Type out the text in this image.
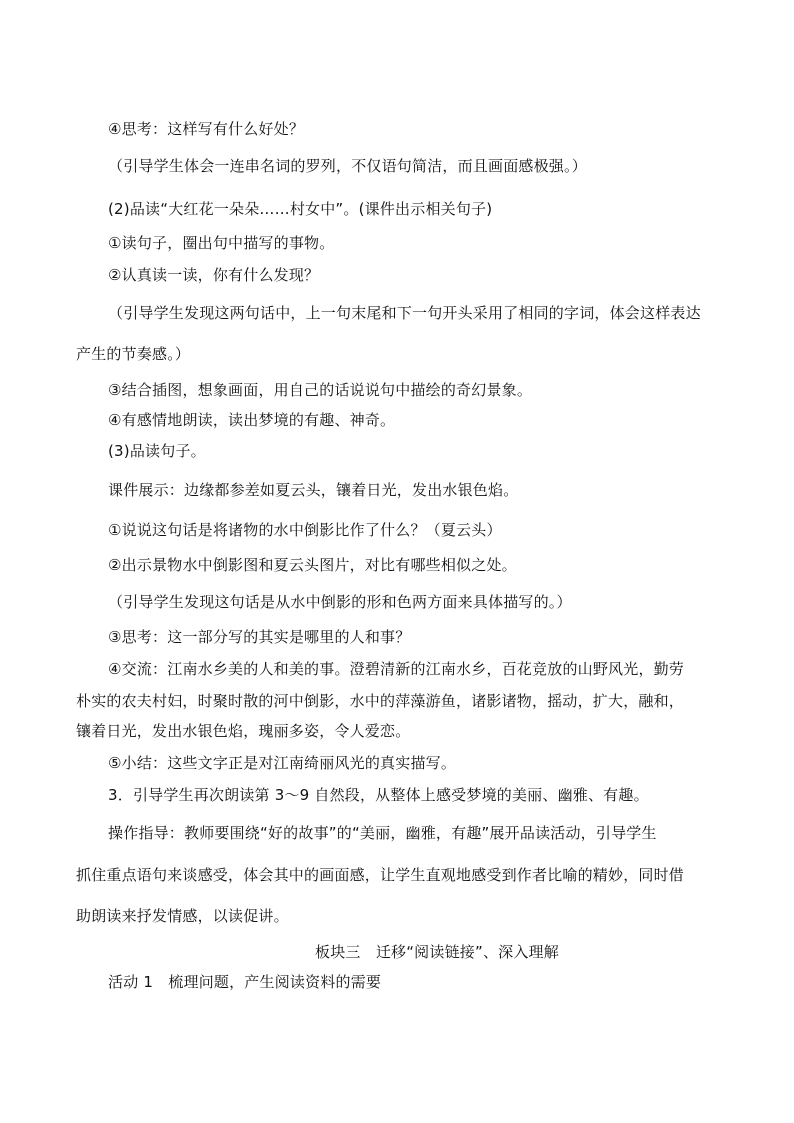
④思考：这样写有什么好处？
（引导学生体会一连串名词的罗列，不仅语句简洁，而且画面感极强。）
(2)品读“大红花一朵朵……村女中”。(课件出示相关句子)
①读句子，圈出句中描写的事物。
②认真读一读，你有什么发现？
（引导学生发现这两句话中，上一句末尾和下一句开头采用了相同的字词，体会这样表达
产生的节奏感。）
③结合插图，想象画面，用自己的话说说句中描绘的奇幻景象。
④有感情地朗读，读出梦境的有趣、神奇。
(3)品读句子。
课件展示：边缘都参差如夏云头，镶着日光，发出水银色焰。
①说说这句话是将诸物的水中倒影比作了什么？（夏云头）
②出示景物水中倒影图和夏云头图片，对比有哪些相似之处。
（引导学生发现这句话是从水中倒影的形和色两方面来具体描写的。）
③思考：这一部分写的其实是哪里的人和事？
④交流：江南水乡美的人和美的事。澄碧清新的江南水乡，百花竞放的山野风光，勤劳
朴实的农夫村妇，时聚时散的河中倒影，水中的萍藻游鱼，诸影诸物，摇动，扩大，融和，
镶着日光，发出水银色焰，瑰丽多姿，令人爱恋。
⑤小结：这些文字正是对江南绮丽风光的真实描写。
3．引导学生再次朗读第 3～9 自然段，从整体上感受梦境的美丽、幽雅、有趣。
操作指导：教师要围绕“好的故事”的“美丽，幽雅，有趣”展开品读活动，引导学生
抓住重点语句来谈感受，体会其中的画面感，让学生直观地感受到作者比喻的精妙，同时借
助朗读来抒发情感，以读促讲。
板块三　迁移“阅读链接”、深入理解
活动 1　梳理问题，产生阅读资料的需要
